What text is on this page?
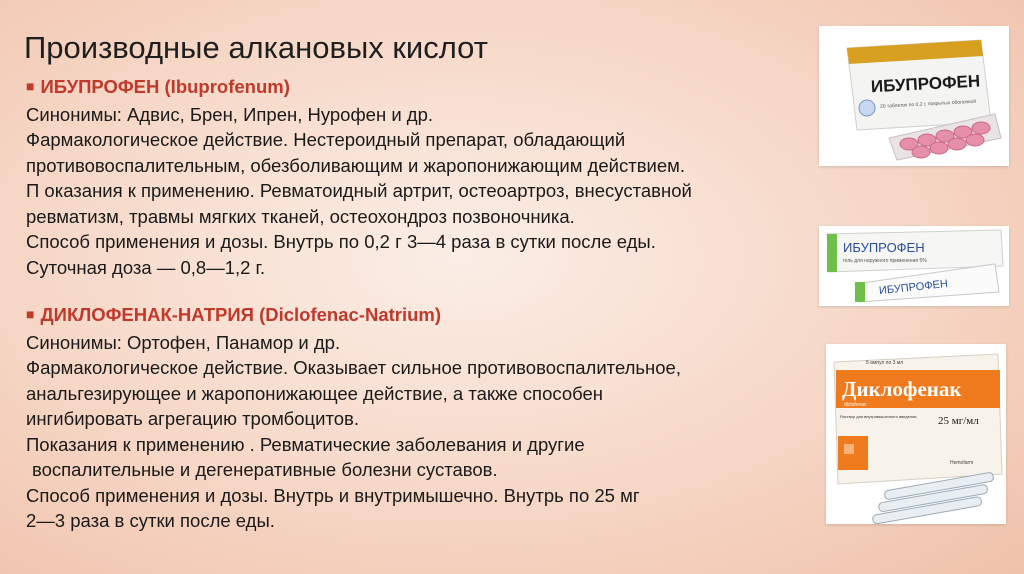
Производные алкановых кислот
■ ИБУПРОФЕН (Ibuprofenum)
Синонимы: Адвис, Брен, Ипрен, Нурофен и др.
Фармакологическое действие. Нестероидный препарат, обладающий
противовоспалительным, обезболивающим и жаропонижающим действием.
П оказания к применению. Ревматоидный артрит, остеоартроз, внесуставной
ревматизм, травмы мягких тканей, остеохондроз позвоночника.
Способ применения и дозы. Внутрь по 0,2 г 3—4 раза в сутки после еды.
Суточная доза — 0,8—1,2 г.
■ ДИКЛОФЕНАК-НАТРИЯ (Diclofenac-Natrium)
Синонимы: Ортофен, Панамор и др.
Фармакологическое действие. Оказывает сильное противовоспалительное,
анальгезирующее и жаропонижающее действие, а также способен
ингибировать агрегацию тромбоцитов.
Показания к применению . Ревматические заболевания и другие
воспалительные и дегенеративные болезни суставов.
Способ применения и дозы. Внутрь и внутримышечно. Внутрь по 25 мг
2—3 раза в сутки после еды.
ИБУПРОФЕН
20 таблеток по 0,2 г, покрытых оболочкой
ИБУПРОФЕН
гель для наружного применения 5%
ИБУПРОФЕН
5 ампул по 3 мл
Диклофенак
diclofenac
Раствор для внутримышечного введения 25 мг/мл
Hemofarm
